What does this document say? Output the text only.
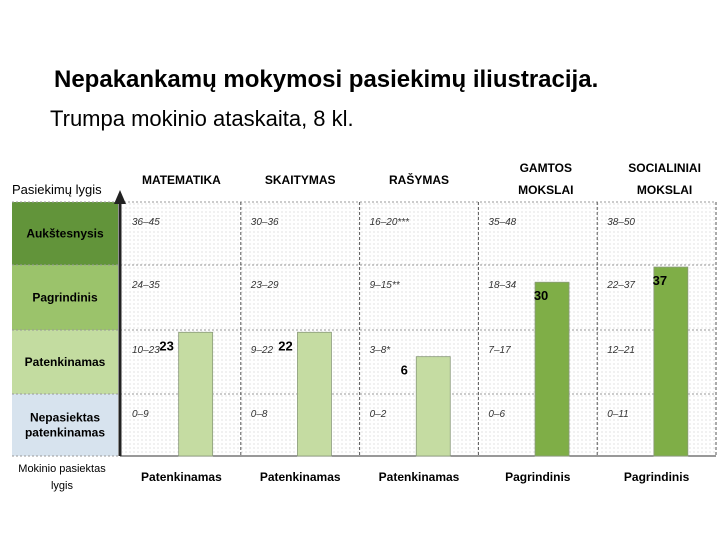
Nepakankamų mokymosi pasiekimų iliustracija.
Trumpa mokinio ataskaita, 8 kl.
Aukštesnysis
Pagrindinis
Patenkinamas
Nepasiektas
patenkinamas
Pasiekimų lygis
Mokinio pasiektas
lygis
MATEMATIKA
36–45
24–35
10–23
0–9
23
Patenkinamas
SKAITYMAS
30–36
23–29
9–22
0–8
22
Patenkinamas
RAŠYMAS
16–20***
9–15**
3–8*
0–2
6
Patenkinamas
GAMTOS
MOKSLAI
35–48
18–34
7–17
0–6
30
Pagrindinis
SOCIALINIAI
MOKSLAI
38–50
22–37
12–21
0–11
37
Pagrindinis
